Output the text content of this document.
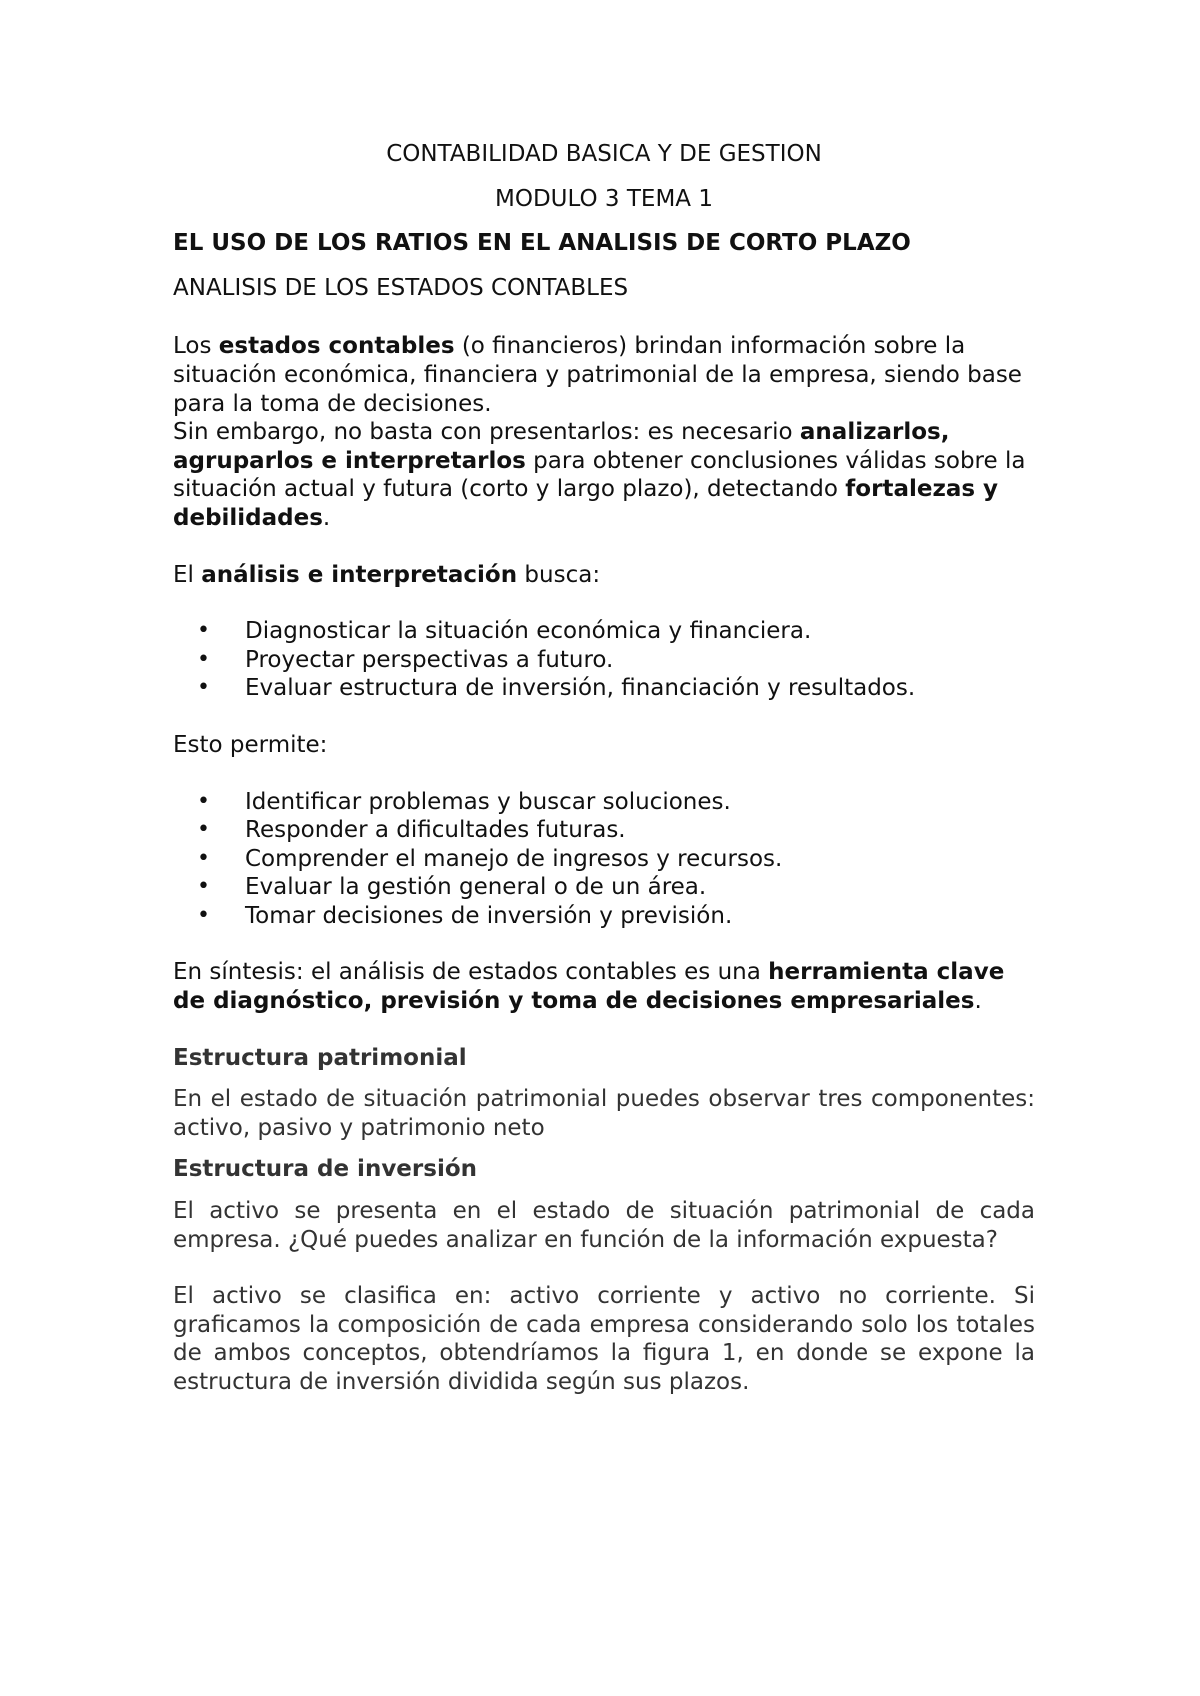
CONTABILIDAD BASICA Y DE GESTION

MODULO 3 TEMA 1

EL USO DE LOS RATIOS EN EL ANALISIS DE CORTO PLAZO

ANALISIS DE LOS ESTADOS CONTABLES

Los estados contables (o financieros) brindan información sobre la situación económica, financiera y patrimonial de la empresa, siendo base para la toma de decisiones.

Sin embargo, no basta con presentarlos: es necesario analizarlos, agruparlos e interpretarlos para obtener conclusiones válidas sobre la situación actual y futura (corto y largo plazo), detectando fortalezas y debilidades.

El análisis e interpretación busca:

• Diagnosticar la situación económica y financiera.
• Proyectar perspectivas a futuro.
• Evaluar estructura de inversión, financiación y resultados.

Esto permite:

• Identificar problemas y buscar soluciones.
• Responder a dificultades futuras.
• Comprender el manejo de ingresos y recursos.
• Evaluar la gestión general o de un área.
• Tomar decisiones de inversión y previsión.

En síntesis: el análisis de estados contables es una herramienta clave de diagnóstico, previsión y toma de decisiones empresariales.

Estructura patrimonial

En el estado de situación patrimonial puedes observar tres componentes: activo, pasivo y patrimonio neto

Estructura de inversión

El activo se presenta en el estado de situación patrimonial de cada empresa. ¿Qué puedes analizar en función de la información expuesta?

El activo se clasifica en: activo corriente y activo no corriente. Si graficamos la composición de cada empresa considerando solo los totales de ambos conceptos, obtendríamos la figura 1, en donde se expone la estructura de inversión dividida según sus plazos.
